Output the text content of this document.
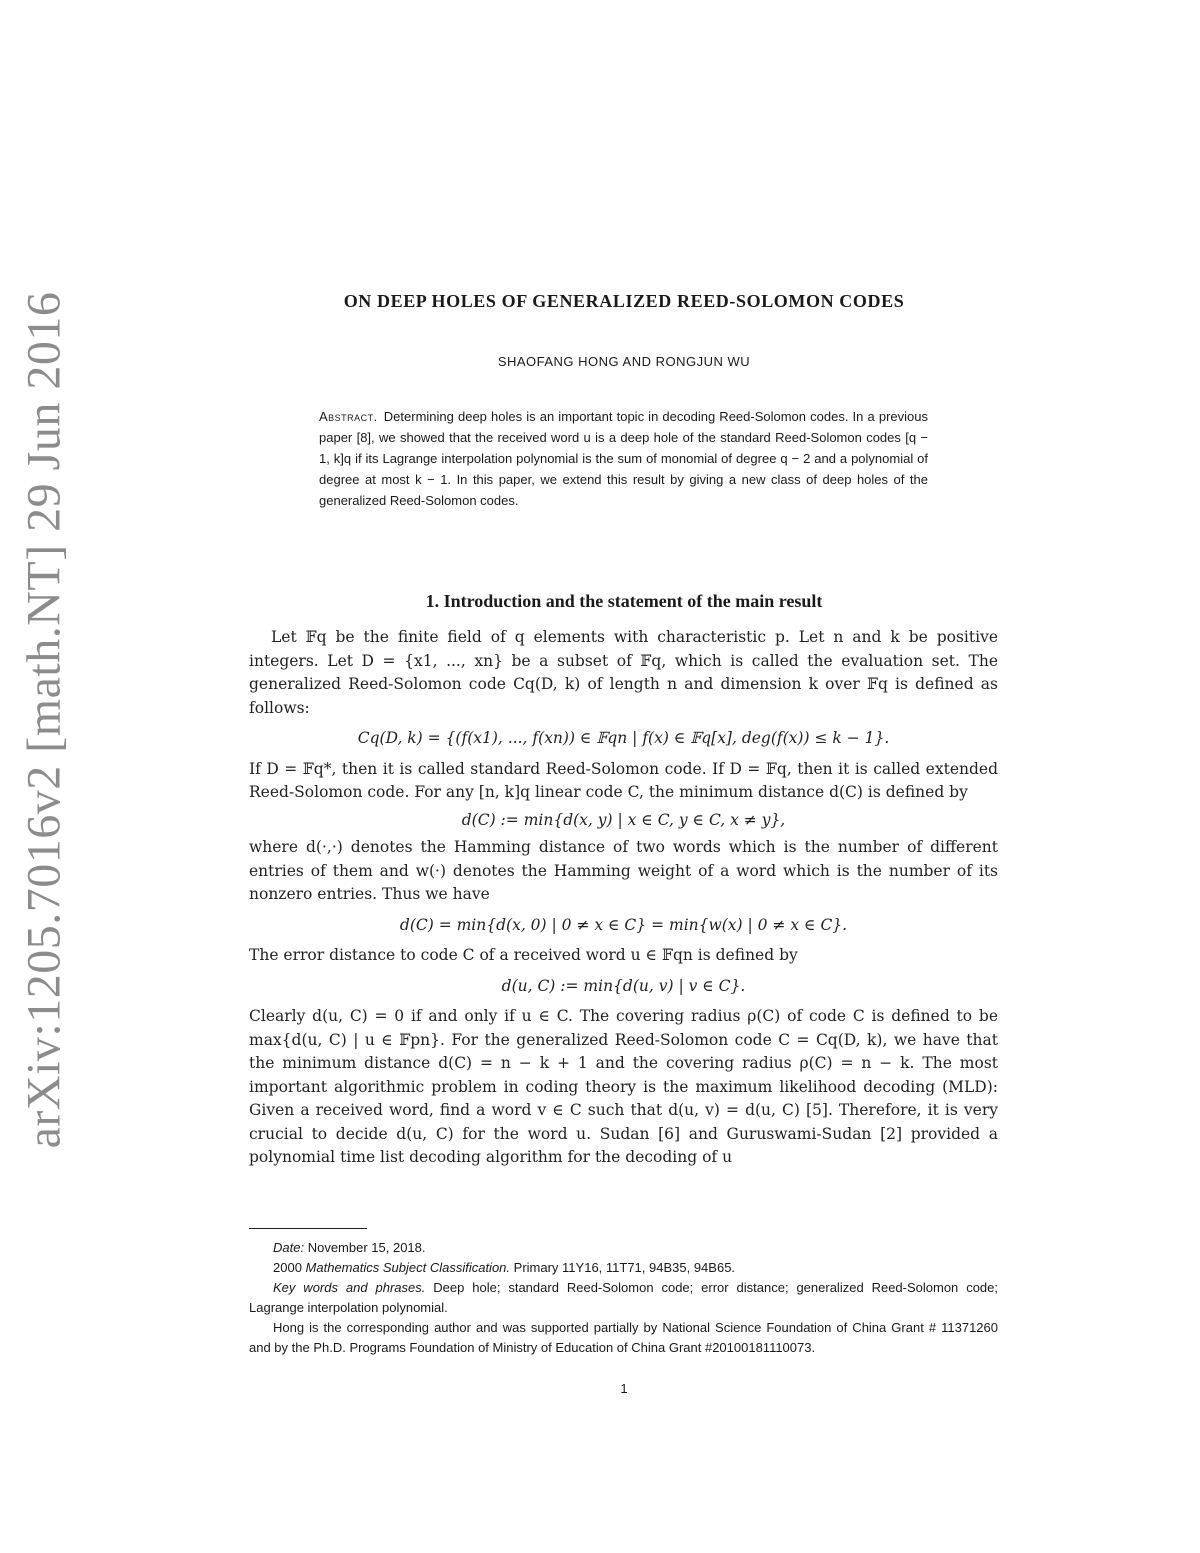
arXiv:1205.7016v2 [math.NT] 29 Jun 2016	ON DEEP HOLES OF GENERALIZED REED-SOLOMON CODES
SHAOFANG HONG AND RONGJUN WU
Abstract. Determining deep holes is an important topic in decoding Reed-Solomon codes. In a previous paper [8], we showed that the received word u is a deep hole of the standard Reed-Solomon codes [q − 1, k]q if its Lagrange interpolation polynomial is the sum of monomial of degree q − 2 and a polynomial of degree at most k − 1. In this paper, we extend this result by giving a new class of deep holes of the generalized Reed-Solomon codes.
1. Introduction and the statement of the main result

Let 𝔽q be the finite field of q elements with characteristic p. Let n and k be positive integers. Let D = {x1, ..., xn} be a subset of 𝔽q, which is called the evaluation set. The generalized Reed-Solomon code Cq(D, k) of length n and dimension k over 𝔽q is defined as follows:

Cq(D, k) = {(f(x1), ..., f(xn)) ∈ 𝔽qn | f(x) ∈ 𝔽q[x], deg(f(x)) ≤ k − 1}.

If D = 𝔽q*, then it is called standard Reed-Solomon code. If D = 𝔽q, then it is called extended Reed-Solomon code. For any [n, k]q linear code C, the minimum distance d(C) is defined by

d(C) := min{d(x, y) | x ∈ C, y ∈ C, x ≠ y},

where d(·,·) denotes the Hamming distance of two words which is the number of different entries of them and w(·) denotes the Hamming weight of a word which is the number of its nonzero entries. Thus we have

d(C) = min{d(x, 0) | 0 ≠ x ∈ C} = min{w(x) | 0 ≠ x ∈ C}.

The error distance to code C of a received word u ∈ 𝔽qn is defined by

d(u, C) := min{d(u, v) | v ∈ C}.

Clearly d(u, C) = 0 if and only if u ∈ C. The covering radius ρ(C) of code C is defined to be max{d(u, C) | u ∈ 𝔽pn}. For the generalized Reed-Solomon code C = Cq(D, k), we have that the minimum distance d(C) = n − k + 1 and the covering radius ρ(C) = n − k. The most important algorithmic problem in coding theory is the maximum likelihood decoding (MLD): Given a received word, find a word v ∈ C such that d(u, v) = d(u, C) [5]. Therefore, it is very crucial to decide d(u, C) for the word u. Sudan [6] and Guruswami-Sudan [2] provided a polynomial time list decoding algorithm for the decoding of u

Date: November 15, 2018.

2000 Mathematics Subject Classification. Primary 11Y16, 11T71, 94B35, 94B65.

Key words and phrases. Deep hole; standard Reed-Solomon code; error distance; generalized Reed-Solomon code; Lagrange interpolation polynomial.

Hong is the corresponding author and was supported partially by National Science Foundation of China Grant # 11371260 and by the Ph.D. Programs Foundation of Ministry of Education of China Grant #20100181110073.

1
